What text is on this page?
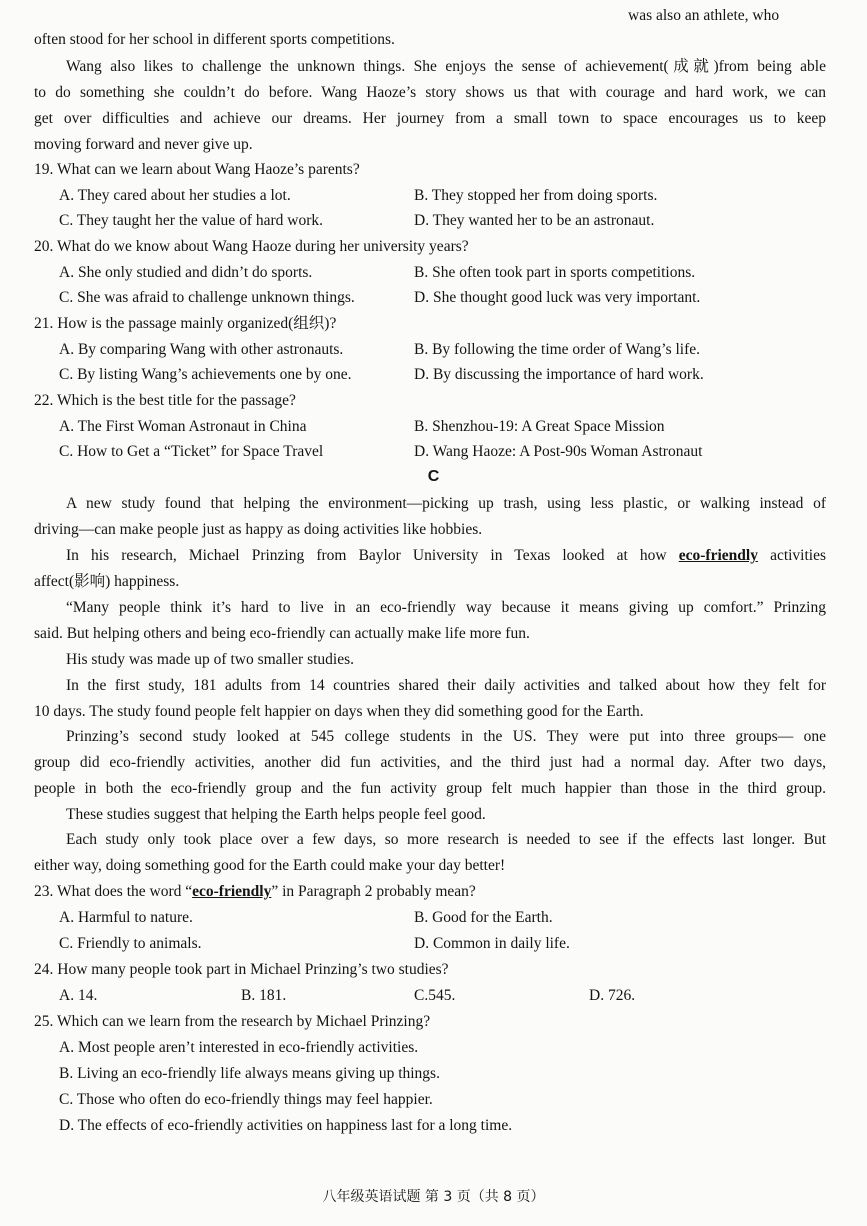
was also an athlete, who
often stood for her school in different sports competitions.
Wang also likes to challenge the unknown things. She enjoys the sense of achievement(成就)from being able
to do something she couldn’t do before. Wang Haoze’s story shows us that with courage and hard work, we can
get over difficulties and achieve our dreams. Her journey from a small town to space encourages us to keep
moving forward and never give up.
19. What can we learn about Wang Haoze’s parents?
A. They cared about her studies a lot.	B. They stopped her from doing sports.
C. They taught her the value of hard work.	D. They wanted her to be an astronaut.
20. What do we know about Wang Haoze during her university years?
A. She only studied and didn’t do sports.	B. She often took part in sports competitions.
C. She was afraid to challenge unknown things.	D. She thought good luck was very important.
21. How is the passage mainly organized(组织)?
A. By comparing Wang with other astronauts.	B. By following the time order of Wang’s life.
C. By listing Wang’s achievements one by one.	D. By discussing the importance of hard work.
22. Which is the best title for the passage?
A. The First Woman Astronaut in China	B. Shenzhou-19: A Great Space Mission
C. How to Get a “Ticket” for Space Travel	D. Wang Haoze: A Post-90s Woman Astronaut
C
A new study found that helping the environment—picking up trash, using less plastic, or walking instead of
driving—can make people just as happy as doing activities like hobbies.
In his research, Michael Prinzing from Baylor University in Texas looked at how eco-friendly activities
affect(影响) happiness.
“Many people think it’s hard to live in an eco-friendly way because it means giving up comfort.” Prinzing
said. But helping others and being eco-friendly can actually make life more fun.
His study was made up of two smaller studies.
In the first study, 181 adults from 14 countries shared their daily activities and talked about how they felt for
10 days. The study found people felt happier on days when they did something good for the Earth.
Prinzing’s second study looked at 545 college students in the US. They were put into three groups— one
group did eco-friendly activities, another did fun activities, and the third just had a normal day. After two days,
people in both the eco-friendly group and the fun activity group felt much happier than those in the third group.
These studies suggest that helping the Earth helps people feel good.
Each study only took place over a few days, so more research is needed to see if the effects last longer. But
either way, doing something good for the Earth could make your day better!
23. What does the word “eco-friendly” in Paragraph 2 probably mean?
A. Harmful to nature.	B. Good for the Earth.
C. Friendly to animals.	D. Common in daily life.
24. How many people took part in Michael Prinzing’s two studies?
A. 14.	B. 181.	C.545.	D. 726.
25. Which can we learn from the research by Michael Prinzing?
A. Most people aren’t interested in eco-friendly activities.
B. Living an eco-friendly life always means giving up things.
C. Those who often do eco-friendly things may feel happier.
D. The effects of eco-friendly activities on happiness last for a long time.
八年级英语试题 第 3 页（共 8 页）
